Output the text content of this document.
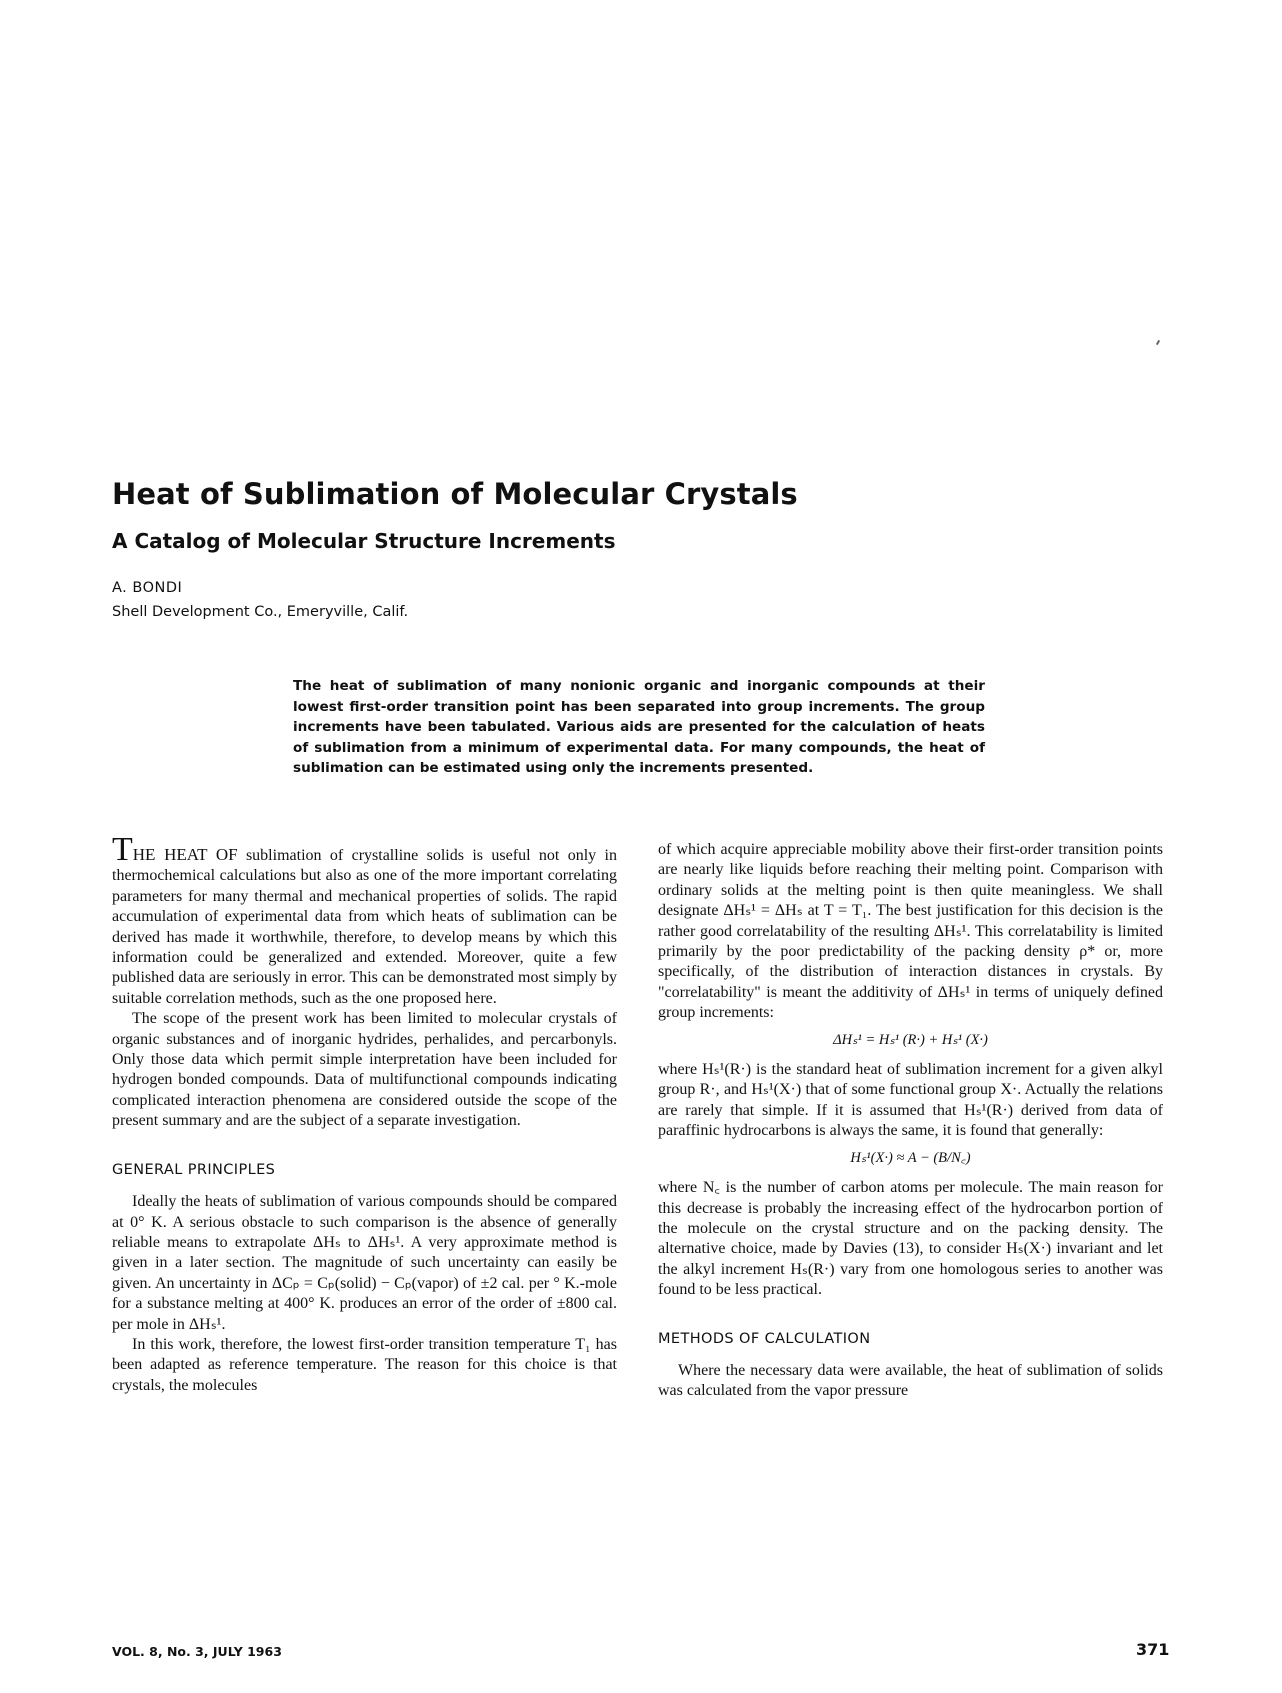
Heat of Sublimation of Molecular Crystals
A Catalog of Molecular Structure Increments
A. BONDI
Shell Development Co., Emeryville, Calif.
The heat of sublimation of many nonionic organic and inorganic compounds at their lowest first-order transition point has been separated into group increments. The group increments have been tabulated. Various aids are presented for the calculation of heats of sublimation from a minimum of experimental data. For many compounds, the heat of sublimation can be estimated using only the increments presented.

THE HEAT OF sublimation of crystalline solids is useful not only in thermochemical calculations but also as one of the more important correlating parameters for many thermal and mechanical properties of solids. The rapid accumulation of experimental data from which heats of sublimation can be derived has made it worthwhile, therefore, to develop means by which this information could be generalized and extended. Moreover, quite a few published data are seriously in error. This can be demonstrated most simply by suitable correlation methods, such as the one proposed here.

The scope of the present work has been limited to molecular crystals of organic substances and of inorganic hydrides, perhalides, and percarbonyls. Only those data which permit simple interpretation have been included for hydrogen bonded compounds. Data of multifunctional compounds indicating complicated interaction phenomena are considered outside the scope of the present summary and are the subject of a separate investigation.

GENERAL PRINCIPLES

Ideally the heats of sublimation of various compounds should be compared at 0° K. A serious obstacle to such comparison is the absence of generally reliable means to extrapolate ΔHₛ to ΔHₛ¹. A very approximate method is given in a later section. The magnitude of such uncertainty can easily be given. An uncertainty in ΔCₚ = Cₚ(solid) − Cₚ(vapor) of ±2 cal. per ° K.-mole for a substance melting at 400° K. produces an error of the order of ±800 cal. per mole in ΔHₛ¹.

In this work, therefore, the lowest first-order transition temperature T₁ has been adapted as reference temperature. The reason for this choice is that crystals, the molecules

of which acquire appreciable mobility above their first-order transition points are nearly like liquids before reaching their melting point. Comparison with ordinary solids at the melting point is then quite meaningless. We shall designate ΔHₛ¹ = ΔHₛ at T = T₁. The best justification for this decision is the rather good correlatability of the resulting ΔHₛ¹. This correlatability is limited primarily by the poor predictability of the packing density ρ* or, more specifically, of the distribution of interaction distances in crystals. By "correlatability" is meant the additivity of ΔHₛ¹ in terms of uniquely defined group increments:

ΔHₛ¹ = Hₛ¹ (R·) + Hₛ¹ (X·)

where Hₛ¹(R·) is the standard heat of sublimation increment for a given alkyl group R·, and Hₛ¹(X·) that of some functional group X·. Actually the relations are rarely that simple. If it is assumed that Hₛ¹(R·) derived from data of paraffinic hydrocarbons is always the same, it is found that generally:

Hₛ¹(X·) ≈ A − (B/N꜀)

where N꜀ is the number of carbon atoms per molecule. The main reason for this decrease is probably the increasing effect of the hydrocarbon portion of the molecule on the crystal structure and on the packing density. The alternative choice, made by Davies (13), to consider Hₛ(X·) invariant and let the alkyl increment Hₛ(R·) vary from one homologous series to another was found to be less practical.

METHODS OF CALCULATION

Where the necessary data were available, the heat of sublimation of solids was calculated from the vapor pressure

VOL. 8, No. 3, JULY 1963	371
